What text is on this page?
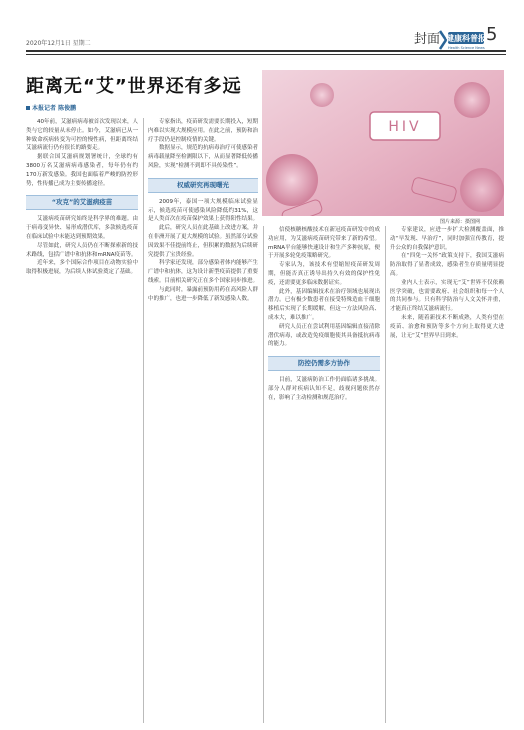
2020年12月1日 星期二	封面 健康科普报
Health Science News
5
距离无“艾”世界还有多远
本报记者 陈俊鹏
HIV
图片来源：摄图网

40年前，艾滋病病毒被首次发现以来，人类与它的较量从未停止。如今，艾滋病已从一种致命疾病转变为可控的慢性病，但距离终结艾滋病流行仍有很长的路要走。

据联合国艾滋病规划署统计，全球约有3800万名艾滋病病毒感染者，每年仍有约170万新发感染。我国也面临着严峻的防控形势，性传播已成为主要传播途径。

“攻克”的艾滋病疫苗

艾滋病疫苗研究始终是科学界的难题。由于病毒变异快、易形成潜伏库，多款候选疫苗在临床试验中未能达到预期效果。

尽管如此，研究人员仍在不断探索新的技术路线，包括广谱中和抗体和mRNA疫苗等。

近年来，多个国际合作项目在动物实验中取得积极进展，为后续人体试验奠定了基础。

专家指出，疫苗研发需要长期投入，短期内难以实现大规模应用。在此之前，预防和治疗手段仍是控制疫情的关键。

数据显示，规范的抗病毒治疗可使感染者病毒载量降至检测限以下，从而显著降低传播风险，实现“检测不到即不具传染性”。

权威研究再现曙光

2009年，泰国一项大规模临床试验显示，候选疫苗可使感染风险降低约31%，这是人类首次在疫苗保护效果上获得阳性结果。

此后，研究人员在此基础上改进方案，并在非洲开展了更大规模的试验。虽然部分试验因效果不佳提前终止，但积累的数据为后续研究提供了宝贵经验。

科学家还发现，部分感染者体内能够产生广谱中和抗体，这为设计新型疫苗提供了重要线索。目前相关研究正在多个国家同步推进。

与此同时，暴露前预防用药在高风险人群中的推广，也进一步降低了新发感染人数。

信使核糖核酸技术在新冠疫苗研发中的成功应用，为艾滋病疫苗研究带来了新的希望。mRNA平台能够快速设计和生产多种抗原，便于开展多轮免疫策略研究。

专家认为，该技术有望缩短疫苗研发周期，但能否真正诱导出持久有效的保护性免疫，还需要更多临床数据证实。

此外，基因编辑技术在治疗领域也展现出潜力。已有极少数患者在接受特殊造血干细胞移植后实现了长期缓解，但这一方法风险高、成本大，难以推广。

研究人员正在尝试利用基因编辑直接清除潜伏病毒，或改造免疫细胞使其具备抵抗病毒的能力。

防控仍需多方协作

目前，艾滋病防治工作仍面临诸多挑战。部分人群对疾病认知不足，歧视问题依然存在，影响了主动检测和规范治疗。

专家建议，应进一步扩大检测覆盖面，推动“早发现、早治疗”，同时加强宣传教育，提升公众的自我保护意识。

在“四免一关怀”政策支持下，我国艾滋病防治取得了显著成效，感染者生存质量明显提高。

业内人士表示，实现无“艾”世界不仅依赖医学突破，也需要政府、社会组织和每一个人的共同参与。只有科学防治与人文关怀并重，才能真正终结艾滋病流行。

未来，随着新技术不断成熟，人类有望在疫苗、治愈和预防等多个方向上取得更大进展，让无“艾”世界早日到来。
